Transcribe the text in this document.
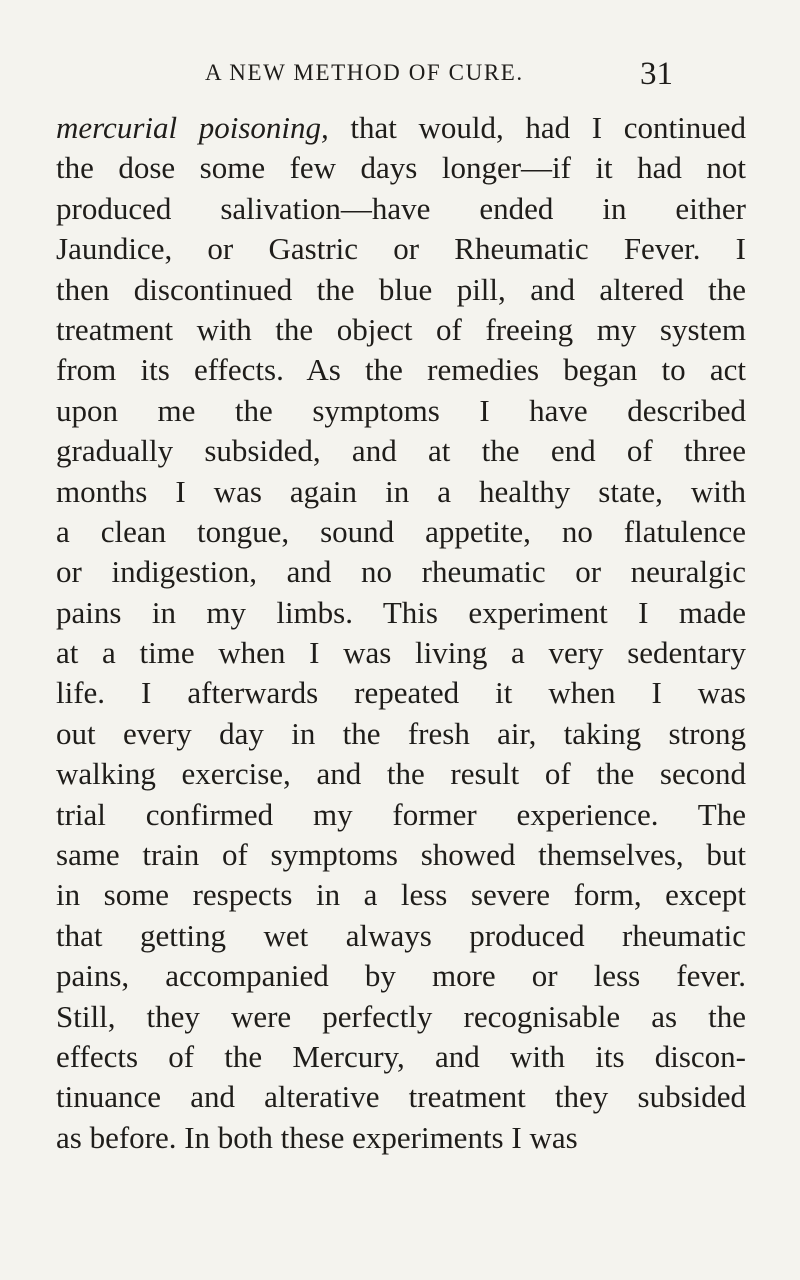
A NEW METHOD OF CURE.	31
mercurial poisoning, that would, had I continued
the dose some few days longer—if it had not
produced salivation—have ended in either
Jaundice, or Gastric or Rheumatic Fever. I
then discontinued the blue pill, and altered the
treatment with the object of freeing my system
from its effects. As the remedies began to act
upon me the symptoms I have described
gradually subsided, and at the end of three
months I was again in a healthy state, with
a clean tongue, sound appetite, no flatulence
or indigestion, and no rheumatic or neuralgic
pains in my limbs. This experiment I made
at a time when I was living a very sedentary
life. I afterwards repeated it when I was
out every day in the fresh air, taking strong
walking exercise, and the result of the second
trial confirmed my former experience. The
same train of symptoms showed themselves, but
in some respects in a less severe form, except
that getting wet always produced rheumatic
pains, accompanied by more or less fever.
Still, they were perfectly recognisable as the
effects of the Mercury, and with its discon-
tinuance and alterative treatment they subsided
as before. In both these experiments I was
